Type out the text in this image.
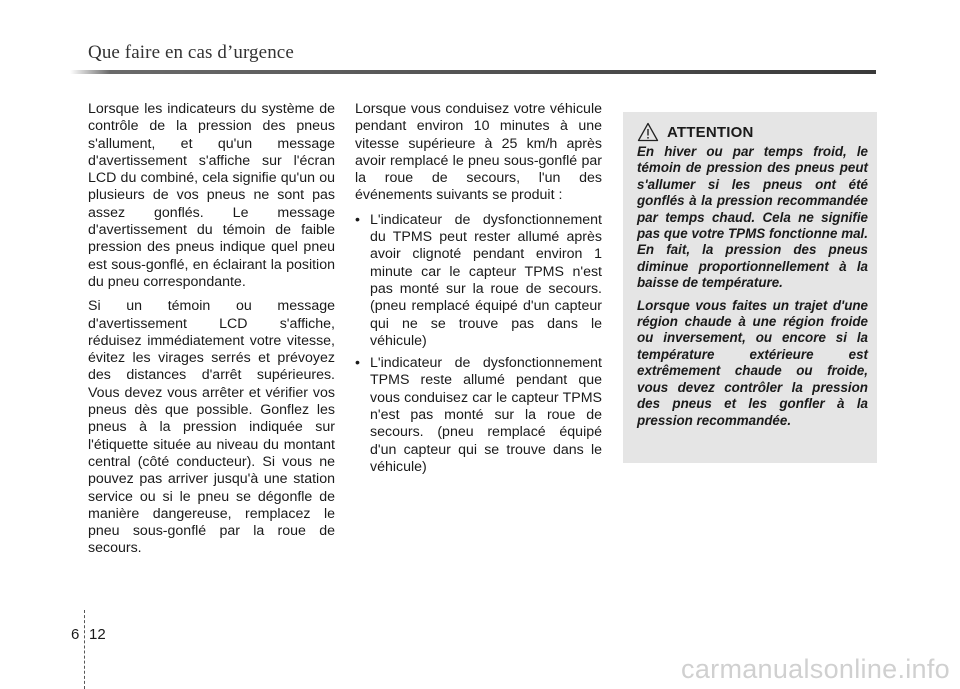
Que faire en cas d’urgence

Lorsque les indicateurs du système de contrôle de la pression des pneus s'allument, et qu'un message d'avertissement s'affiche sur l'écran LCD du combiné, cela signifie qu'un ou plusieurs de vos pneus ne sont pas assez gonflés. Le message d'avertissement du témoin de faible pression des pneus indique quel pneu est sous-gonflé, en éclairant la position du pneu correspondante.

Si un témoin ou message d'avertissement LCD s'affiche, réduisez immédiatement votre vitesse, évitez les virages serrés et prévoyez des distances d'arrêt supérieures. Vous devez vous arrêter et vérifier vos pneus dès que possible. Gonflez les pneus à la pression indiquée sur l'étiquette située au niveau du montant central (côté conducteur). Si vous ne pouvez pas arriver jusqu'à une station service ou si le pneu se dégonfle de manière dangereuse, remplacez le pneu sous-gonflé par la roue de secours.

Lorsque vous conduisez votre véhicule pendant environ 10 minutes à une vitesse supérieure à 25 km/h après avoir remplacé le pneu sous-gonflé par la roue de secours, l'un des événements suivants se produit :

• L'indicateur de dysfonctionnement du TPMS peut rester allumé après avoir clignoté pendant environ 1 minute car le capteur TPMS n'est pas monté sur la roue de secours. (pneu remplacé équipé d'un capteur qui ne se trouve pas dans le véhicule)
• L'indicateur de dysfonctionnement TPMS reste allumé pendant que vous conduisez car le capteur TPMS n'est pas monté sur la roue de secours. (pneu remplacé équipé d'un capteur qui se trouve dans le véhicule)
ATTENTION

En hiver ou par temps froid, le témoin de pression des pneus peut s'allumer si les pneus ont été gonflés à la pression recommandée par temps chaud. Cela ne signifie pas que votre TPMS fonctionne mal. En fait, la pression des pneus diminue proportionnellement à la baisse de température.

Lorsque vous faites un trajet d'une région chaude à une région froide ou inversement, ou encore si la température extérieure est extrêmement chaude ou froide, vous devez contrôler la pression des pneus et les gonfler à la pression recommandée.

6 12
carmanualsonline.info
